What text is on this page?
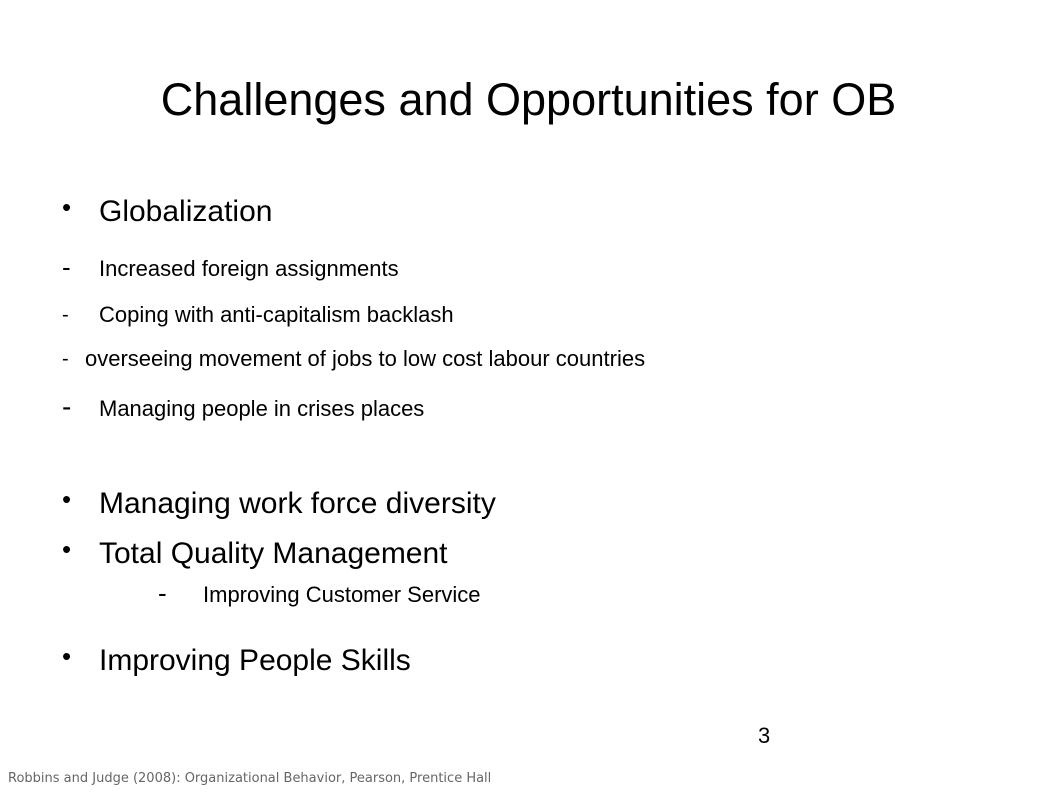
Challenges and Opportunities for OB
• Globalization
- Increased foreign assignments
- Coping with anti-capitalism backlash
- overseeing movement of jobs to low cost labour countries
- Managing people in crises places
• Managing work force diversity
• Total Quality Management
- Improving Customer Service
• Improving People Skills
3
Robbins and Judge (2008): Organizational Behavior, Pearson, Prentice Hall
